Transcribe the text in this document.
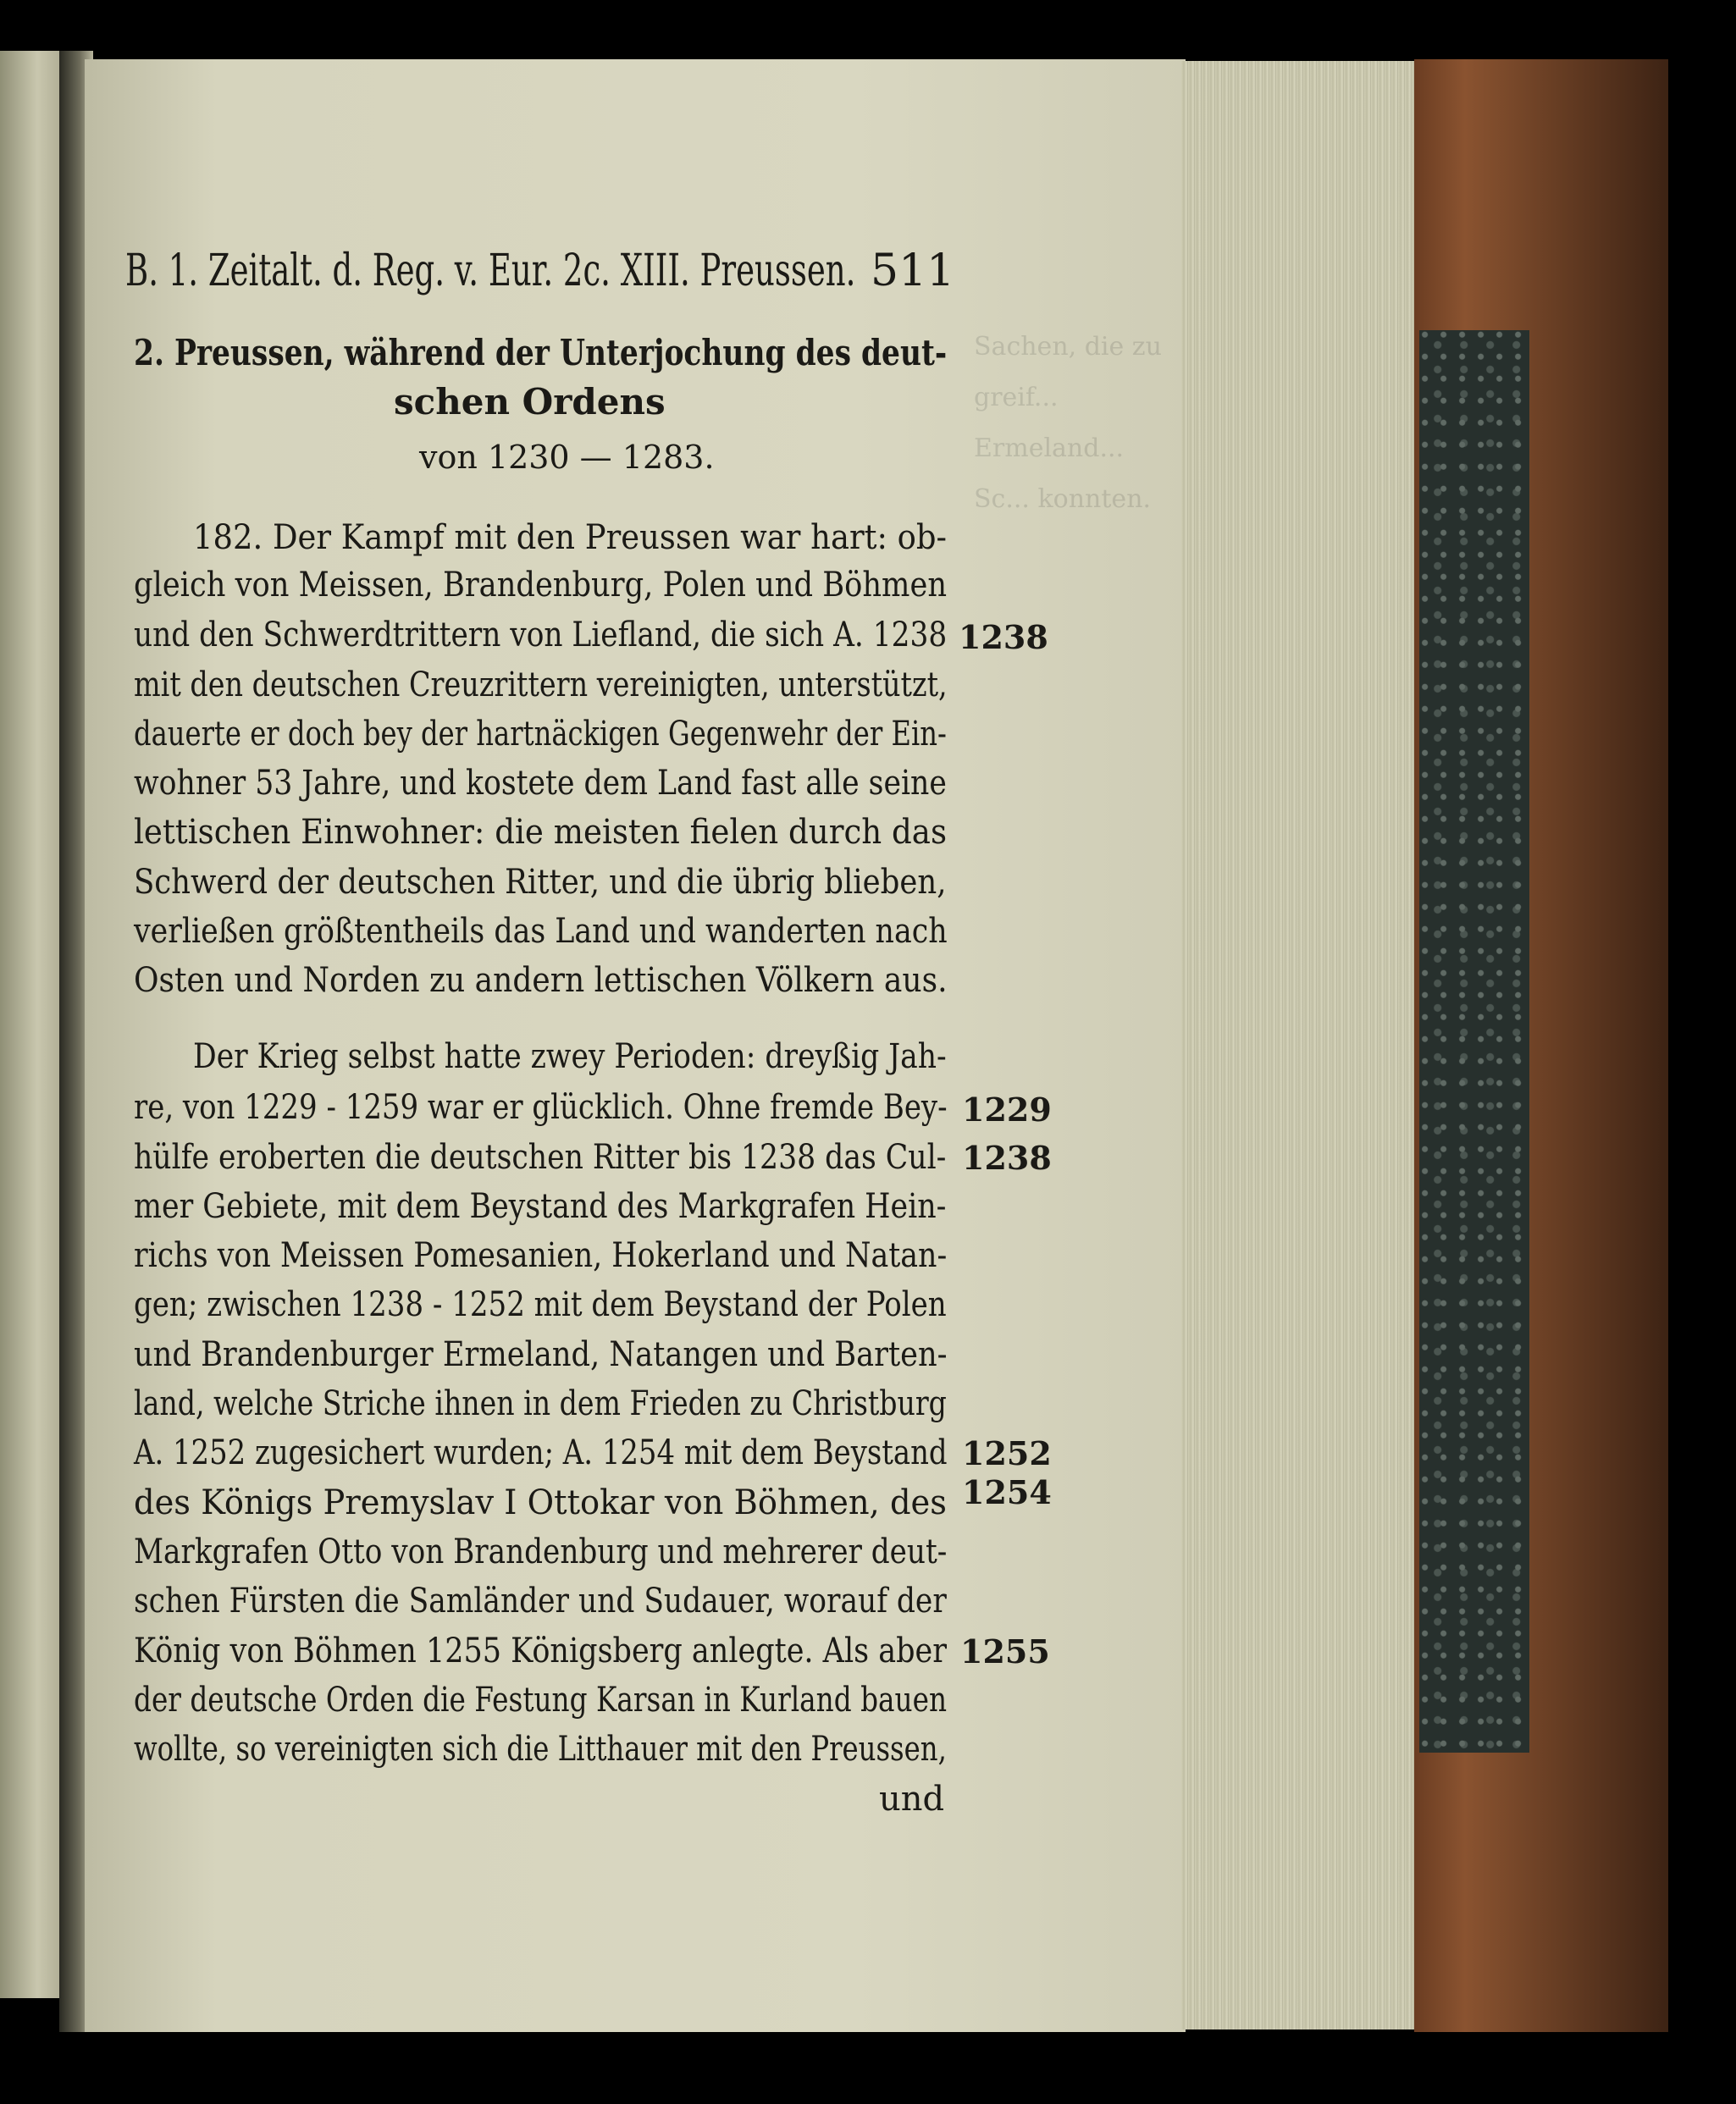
Sachen, die zu greif...
Ermeland...
Sc... konnten.
B. 1. Zeitalt. d. Reg. v. Eur. 2c. XIII. Preussen. 511
2. Preussen, während der Unterjochung des deut-
schen Ordens
von 1230 — 1283.
182. Der Kampf mit den Preussen war hart: ob-
gleich von Meissen, Brandenburg, Polen und Böhmen
und den Schwerdtrittern von Liefland, die sich A. 1238
mit den deutschen Creuzrittern vereinigten, unterstützt,
dauerte er doch bey der hartnäckigen Gegenwehr der Ein-
wohner 53 Jahre, und kostete dem Land fast alle seine
lettischen Einwohner: die meisten fielen durch das
Schwerd der deutschen Ritter, und die übrig blieben,
verließen größtentheils das Land und wanderten nach
Osten und Norden zu andern lettischen Völkern aus.
Der Krieg selbst hatte zwey Perioden: dreyßig Jah-
re, von 1229 - 1259 war er glücklich. Ohne fremde Bey-
hülfe eroberten die deutschen Ritter bis 1238 das Cul-
mer Gebiete, mit dem Beystand des Markgrafen Hein-
richs von Meissen Pomesanien, Hokerland und Natan-
gen; zwischen 1238 - 1252 mit dem Beystand der Polen
und Brandenburger Ermeland, Natangen und Barten-
land, welche Striche ihnen in dem Frieden zu Christburg
A. 1252 zugesichert wurden; A. 1254 mit dem Beystand
des Königs Premyslav I Ottokar von Böhmen, des
Markgrafen Otto von Brandenburg und mehrerer deut-
schen Fürsten die Samländer und Sudauer, worauf der
König von Böhmen 1255 Königsberg anlegte. Als aber
der deutsche Orden die Festung Karsan in Kurland bauen
wollte, so vereinigten sich die Litthauer mit den Preussen,
und
1238
1229
1238
1252
1254
1255
